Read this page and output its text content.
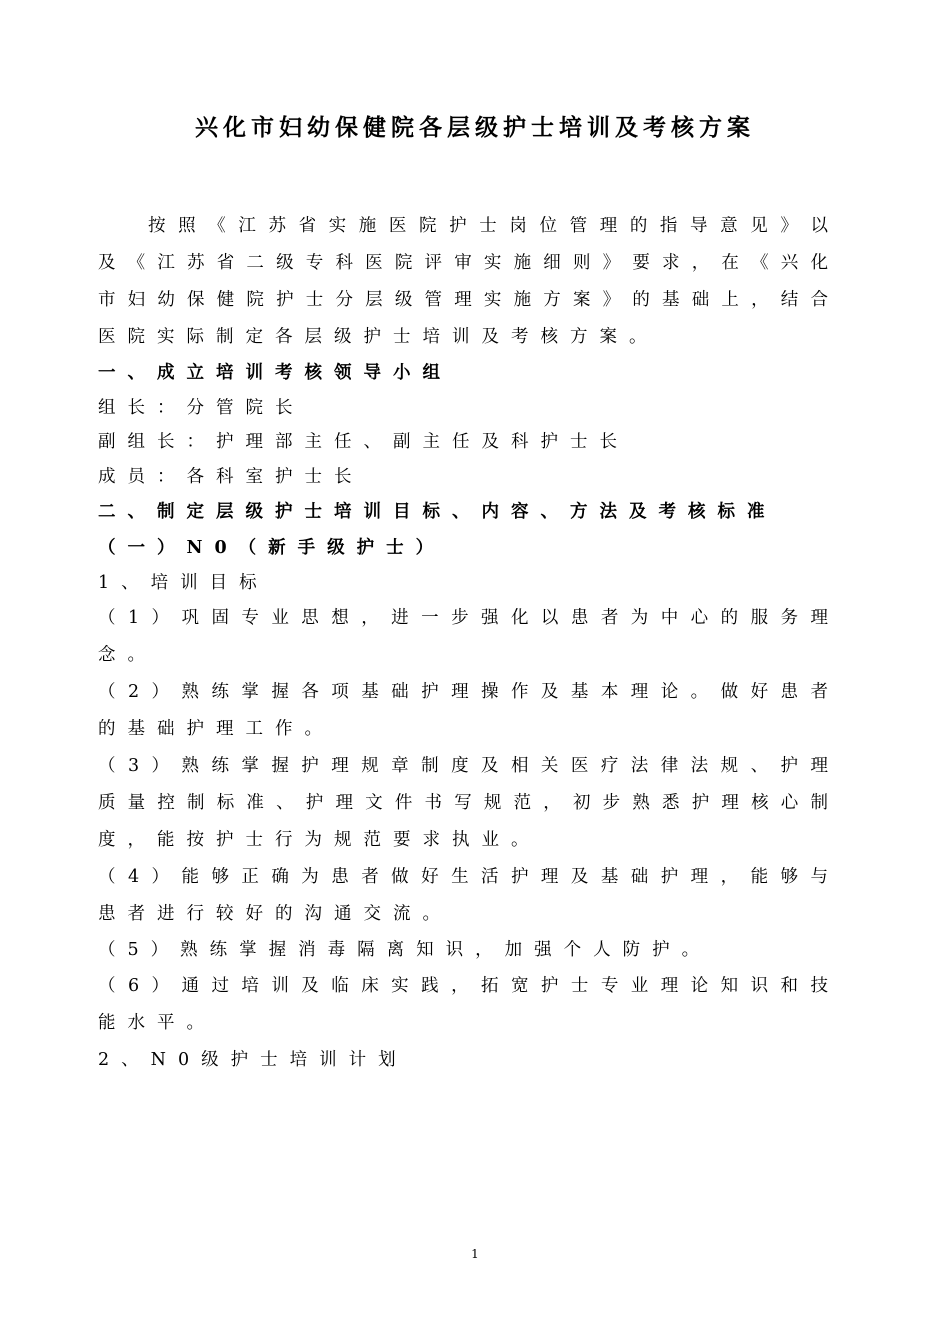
兴化市妇幼保健院各层级护士培训及考核方案

按照《江苏省实施医院护士岗位管理的指导意见》以及《江苏省二级专科医院评审实施细则》要求，在《兴化市妇幼保健院护士分层级管理实施方案》的基础上，结合医院实际制定各层级护士培训及考核方案。

一、成立培训考核领导小组

组长：分管院长

副组长：护理部主任、副主任及科护士长

成员：各科室护士长

二、制定层级护士培训目标、内容、方法及考核标准

（一）N0（新手级护士）

1、培训目标

（1）巩固专业思想，进一步强化以患者为中心的服务理念。

（2）熟练掌握各项基础护理操作及基本理论。做好患者的基础护理工作。

（3）熟练掌握护理规章制度及相关医疗法律法规、护理质量控制标准、护理文件书写规范，初步熟悉护理核心制度，能按护士行为规范要求执业。

（4）能够正确为患者做好生活护理及基础护理，能够与患者进行较好的沟通交流。

（5）熟练掌握消毒隔离知识，加强个人防护。

（6）通过培训及临床实践，拓宽护士专业理论知识和技能水平。

2、N0级护士培训计划

1
